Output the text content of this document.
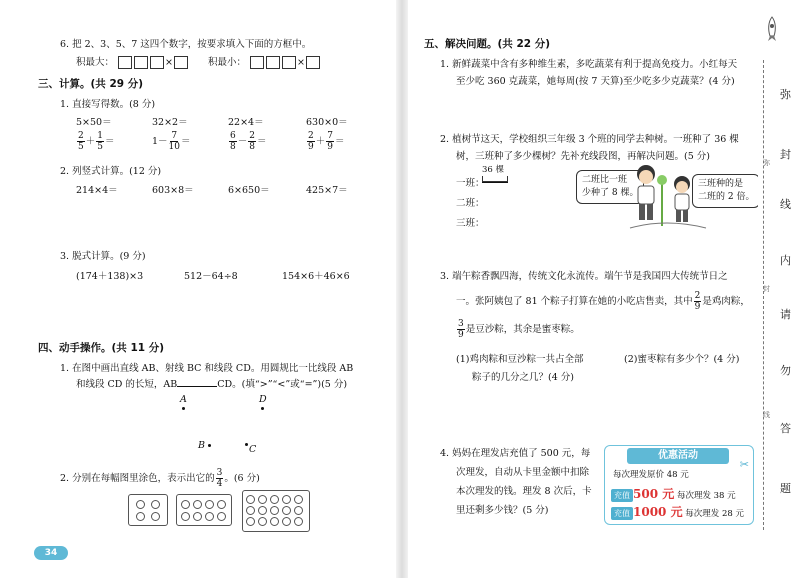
6. 把 2、3、5、7 这四个数字，按要求填入下面的方框中。
积最大：	×	积最小：	×
三、计算。(共 29 分)
1. 直接写得数。(8 分)
5×50＝	32×2＝	22×4＝	630×0＝
$\frac{2}{5} + \frac{1}{5}$ ＝	$1- \frac{7}{10}$ ＝	$\frac{6}{8} - \frac{2}{8}$ ＝	$\frac{2}{9} + \frac{7}{9}$ ＝
2. 列竖式计算。(12 分)
214×4＝	603×8＝	6×650＝	425×7＝
3. 脱式计算。(9 分)
(174＋138)×3	512－64÷8	154×6＋46×6
四、动手操作。(共 11 分)
1. 在图中画出直线 AB、射线 BC 和线段 CD。用圆规比一比线段 AB
和线段 CD 的长短，AB	CD。(填“>”“<”或“=”)(5 分)
A	D
B	C
2. 分别在每幅图里涂色，表示出它的 $\frac{3}{4}$ 。(6 分)
34
五、解决问题。(共 22 分)
1. 新鲜蔬菜中含有多种维生素，多吃蔬菜有利于提高免疫力。小红每天
至少吃 360 克蔬菜，她每周(按 7 天算)至少吃多少克蔬菜？(4 分)
2. 植树节这天，学校组织三年级 3 个班的同学去种树。一班种了 36 棵
树，三班种了多少棵树？先补充线段图，再解决问题。(5 分)
36 棵
一班：
二班：
三班：
二班比一班
少种了 8 棵。
三班种的是
二班的 2 倍。
3. 端午粽香飘四海，传统文化永流传。端午节是我国四大传统节日之
一。张阿姨包了 81 个粽子打算在她的小吃店售卖，其中 $\frac{2}{9}$ 是鸡肉粽，
$\frac{3}{9}$ 是豆沙粽，其余是蜜枣粽。
(1)鸡肉粽和豆沙粽一共占全部
粽子的几分之几？(4 分)
(2)蜜枣粽有多少个？(4 分)
4. 妈妈在理发店充值了 500 元，每
次理发，自动从卡里金额中扣除
本次理发的钱。理发 8 次后，卡
里还剩多少钱？(5 分)
优惠活动
✂
每次理发原价 48 元
充值 500 元 每次理发 38 元
充值 1000 元 每次理发 28 元
弥
封
线
内
请
勿
答
题
弥
封
线
